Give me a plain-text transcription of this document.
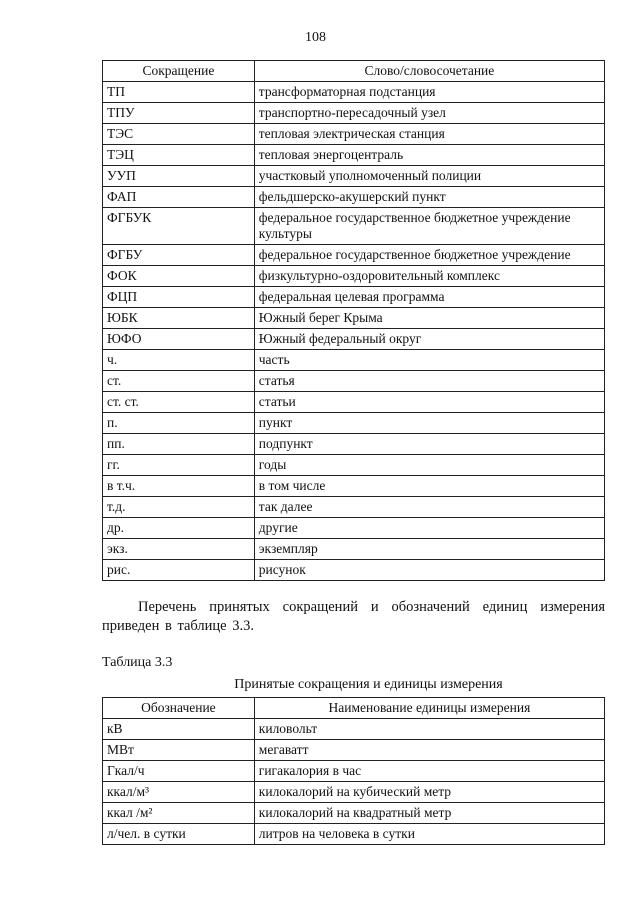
108
Сокращение	Слово/словосочетание
ТП	трансформаторная подстанция
ТПУ	транспортно-пересадочный узел
ТЭС	тепловая электрическая станция
ТЭЦ	тепловая энергоцентраль
УУП	участковый уполномоченный полиции
ФАП	фельдшерско-акушерский пункт
ФГБУК	федеральное государственное бюджетное учреждение культуры
ФГБУ	федеральное государственное бюджетное учреждение
ФОК	физкультурно-оздоровительный комплекс
ФЦП	федеральная целевая программа
ЮБК	Южный берег Крыма
ЮФО	Южный федеральный округ
ч.	часть
ст.	статья
ст. ст.	статьи
п.	пункт
пп.	подпункт
гг.	годы
в т.ч.	в том числе
т.д.	так далее
др.	другие
экз.	экземпляр
рис.	рисунок
Перечень принятых сокращений и обозначений единиц измерения приведен в таблице 3.3.
Таблица 3.3
Принятые сокращения и единицы измерения
Обозначение	Наименование единицы измерения
кВ	киловольт
МВт	мегаватт
Гкал/ч	гигакалория в час
ккал/м³	килокалорий на кубический метр
ккал /м²	килокалорий на квадратный метр
л/чел. в сутки	литров на человека в сутки
